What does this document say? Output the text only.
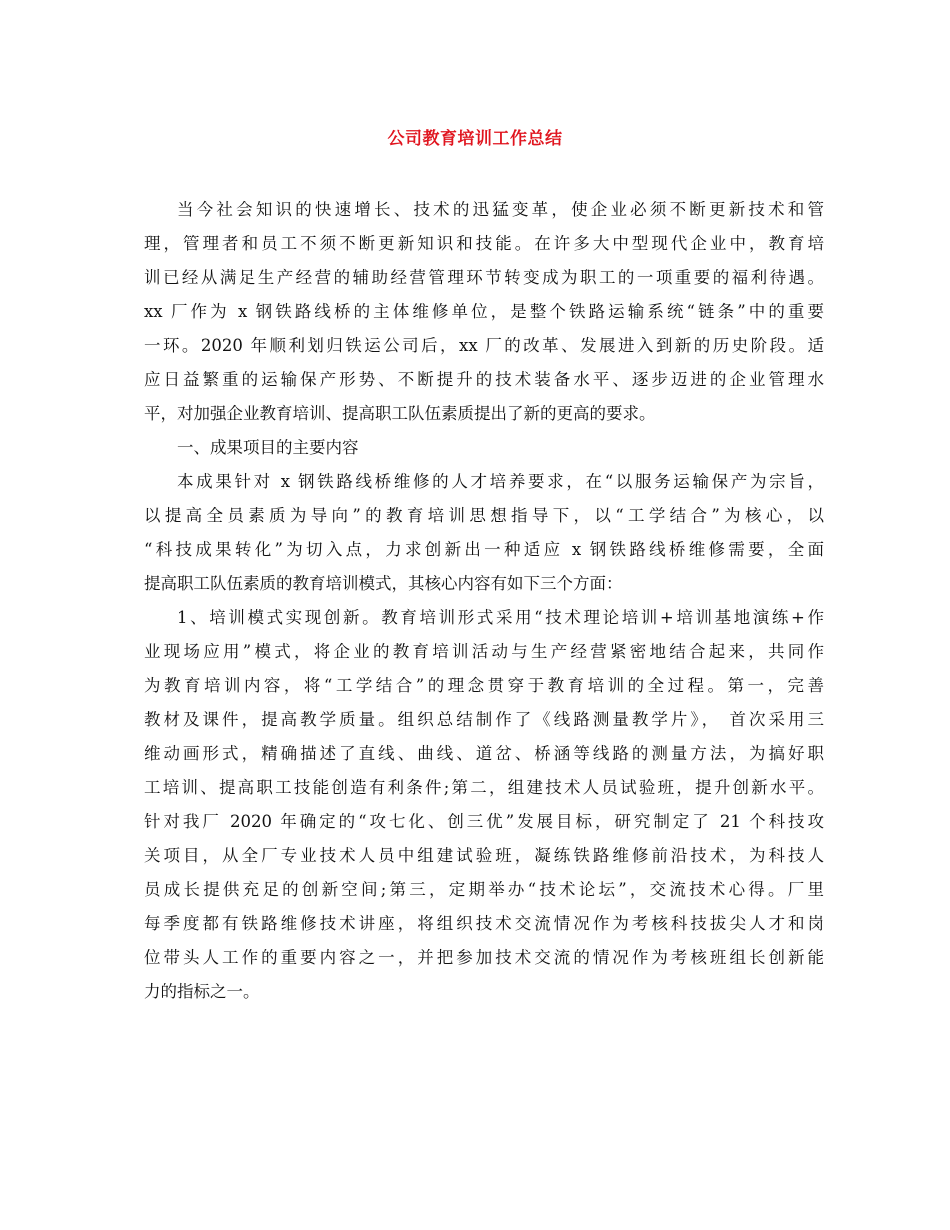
公司教育培训工作总结
当今社会知识的快速增长、技术的迅猛变革，使企业必须不断更新技术和管
理，管理者和员工不须不断更新知识和技能。在许多大中型现代企业中，教育培
训已经从满足生产经营的辅助经营管理环节转变成为职工的一项重要的福利待遇。
xx 厂作为 x 钢铁路线桥的主体维修单位，是整个铁路运输系统“链条”中的重要
一环。2020 年顺利划归铁运公司后，xx 厂的改革、发展进入到新的历史阶段。适
应日益繁重的运输保产形势、不断提升的技术装备水平、逐步迈进的企业管理水
平，对加强企业教育培训、提高职工队伍素质提出了新的更高的要求。
一、成果项目的主要内容
本成果针对 x 钢铁路线桥维修的人才培养要求，在“以服务运输保产为宗旨，
以提高全员素质为导向”的教育培训思想指导下，以“工学结合”为核心，以
“科技成果转化”为切入点，力求创新出一种适应 x 钢铁路线桥维修需要，全面
提高职工队伍素质的教育培训模式，其核心内容有如下三个方面：
1、培训模式实现创新。教育培训形式采用“技术理论培训+培训基地演练+作
业现场应用”模式，将企业的教育培训活动与生产经营紧密地结合起来，共同作
为教育培训内容，将“工学结合”的理念贯穿于教育培训的全过程。第一，完善
教材及课件，提高教学质量。组织总结制作了《线路测量教学片》， 首次采用三
维动画形式，精确描述了直线、曲线、道岔、桥涵等线路的测量方法，为搞好职
工培训、提高职工技能创造有利条件;第二，组建技术人员试验班，提升创新水平。
针对我厂 2020 年确定的“攻七化、创三优”发展目标，研究制定了 21 个科技攻
关项目，从全厂专业技术人员中组建试验班，凝练铁路维修前沿技术，为科技人
员成长提供充足的创新空间;第三，定期举办“技术论坛”，交流技术心得。厂里
每季度都有铁路维修技术讲座，将组织技术交流情况作为考核科技拔尖人才和岗
位带头人工作的重要内容之一，并把参加技术交流的情况作为考核班组长创新能
力的指标之一。
